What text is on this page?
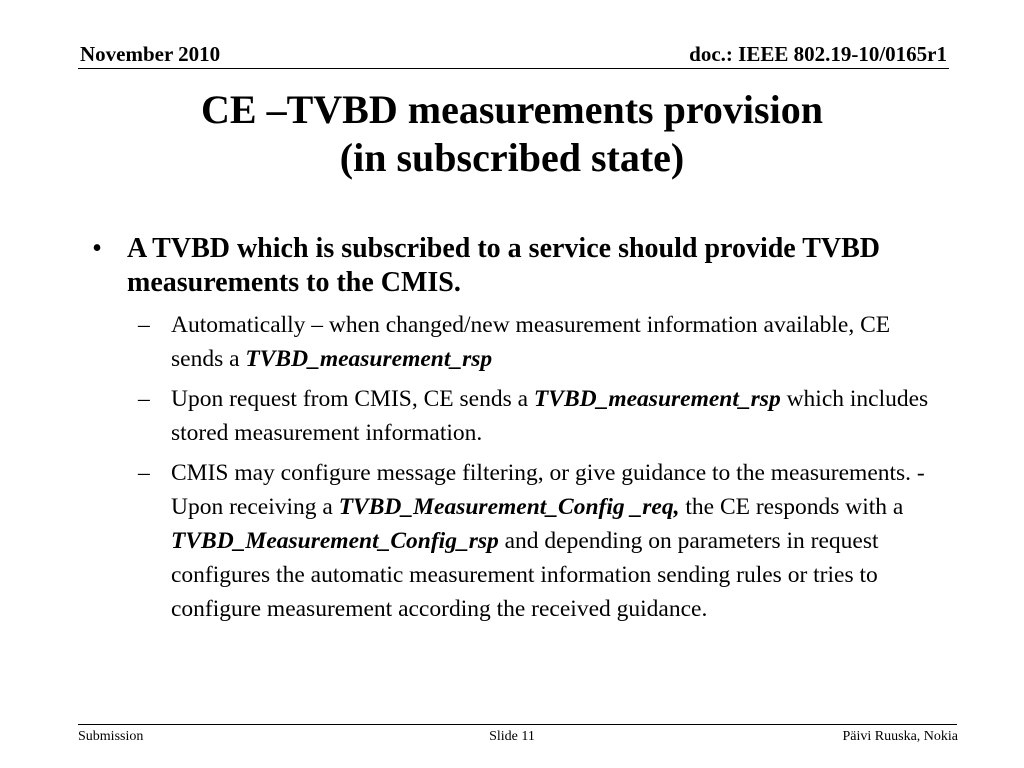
November 2010	doc.: IEEE 802.19-10/0165r1
CE –TVBD measurements provision
(in subscribed state)
• A TVBD which is subscribed to a service should provide TVBD measurements to the CMIS.
– Automatically – when changed/new measurement information available, CE sends a TVBD_measurement_rsp
– Upon request from CMIS, CE sends a TVBD_measurement_rsp which includes stored measurement information.
– CMIS may configure message filtering, or give guidance to the measurements. - Upon receiving a TVBD_Measurement_Config _req, the CE responds with a TVBD_Measurement_Config_rsp and depending on parameters in request configures the automatic measurement information sending rules or tries to configure measurement according the received guidance.
Submission	Slide 11	Päivi Ruuska, Nokia
